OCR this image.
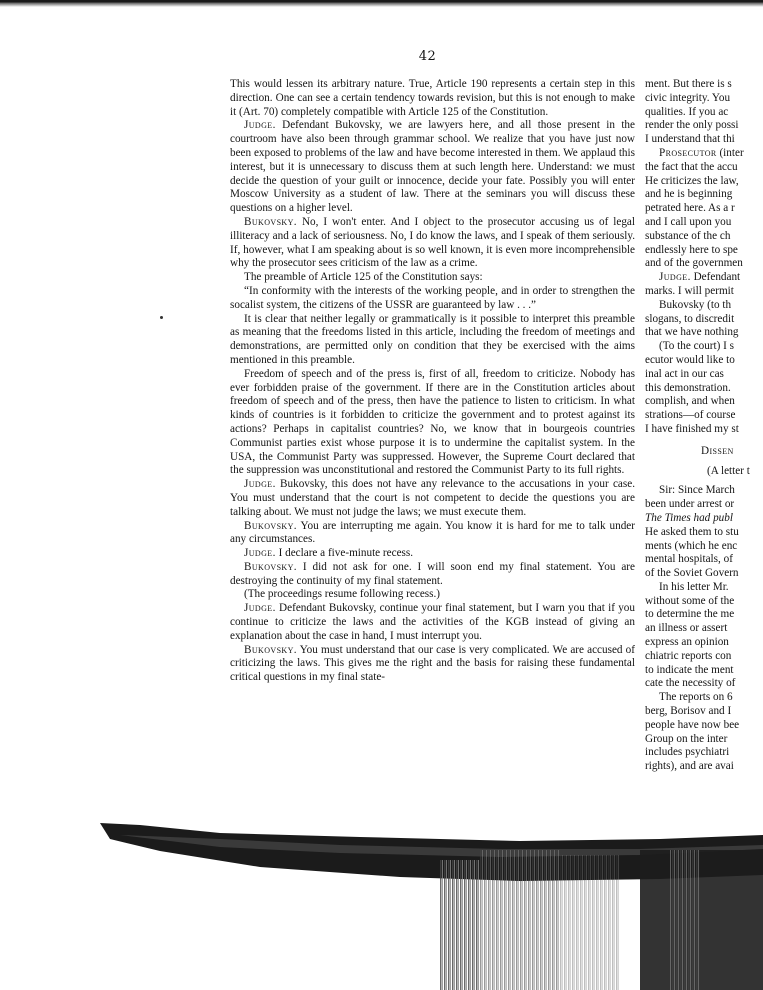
42

This would lessen its arbitrary nature. True, Article 190 represents a certain step in this direction. One can see a certain tendency towards revision, but this is not enough to make it (Art. 70) completely compatible with Article 125 of the Constitution.

Judge. Defendant Bukovsky, we are lawyers here, and all those present in the courtroom have also been through grammar school. We realize that you have just now been exposed to problems of the law and have become interested in them. We applaud this interest, but it is unnecessary to discuss them at such length here. Understand: we must decide the question of your guilt or innocence, decide your fate. Possibly you will enter Moscow University as a student of law. There at the seminars you will discuss these questions on a higher level.

Bukovsky. No, I won't enter. And I object to the prosecutor accusing us of legal illiteracy and a lack of seriousness. No, I do know the laws, and I speak of them seriously. If, however, what I am speaking about is so well known, it is even more incomprehensible why the prosecutor sees criticism of the law as a crime.

The preamble of Article 125 of the Constitution says:

“In conformity with the interests of the working people, and in order to strengthen the socalist system, the citizens of the USSR are guaranteed by law . . .”

It is clear that neither legally or grammatically is it possible to interpret this preamble as meaning that the freedoms listed in this article, including the freedom of meetings and demonstrations, are permitted only on condition that they be exercised with the aims mentioned in this preamble.

Freedom of speech and of the press is, first of all, freedom to criticize. Nobody has ever forbidden praise of the government. If there are in the Constitution articles about freedom of speech and of the press, then have the patience to listen to criticism. In what kinds of countries is it forbidden to criticize the government and to protest against its actions? Perhaps in capitalist countries? No, we know that in bourgeois countries Communist parties exist whose purpose it is to undermine the capitalist system. In the USA, the Communist Party was suppressed. However, the Supreme Court declared that the suppression was unconstitutional and restored the Communist Party to its full rights.

Judge. Bukovsky, this does not have any relevance to the accusations in your case. You must understand that the court is not competent to decide the questions you are talking about. We must not judge the laws; we must execute them.

Bukovsky. You are interrupting me again. You know it is hard for me to talk under any circumstances.

Judge. I declare a five-minute recess.

Bukovsky. I did not ask for one. I will soon end my final statement. You are destroying the continuity of my final statement.

(The proceedings resume following recess.)

Judge. Defendant Bukovsky, continue your final statement, but I warn you that if you continue to criticize the laws and the activities of the KGB instead of giving an explanation about the case in hand, I must interrupt you.

Bukovsky. You must understand that our case is very complicated. We are accused of criticizing the laws. This gives me the right and the basis for raising these fundamental critical questions in my final state-

ment. But there is s
civic integrity. You
qualities. If you ac
render the only possi
I understand that thi
Prosecutor (inter
the fact that the accu
He criticizes the law,
and he is beginning
petrated here. As a r
and I call upon you
substance of the ch
endlessly here to spe
and of the governmen
Judge. Defendant
marks. I will permit
Bukovsky (to th
slogans, to discredit
that we have nothing
(To the court) I s
ecutor would like to
inal act in our cas
this demonstration.
complish, and when
strations—of course
I have finished my st
Dissen
(A letter t
Sir: Since March
been under arrest or
The Times had publ
He asked them to stu
ments (which he enc
mental hospitals, of
of the Soviet Govern
In his letter Mr.
without some of the
to determine the me
an illness or assert
express an opinion
chiatric reports con
to indicate the ment
cate the necessity of
The reports on 6
berg, Borisov and I
people have now bee
Group on the inter
includes psychiatri
rights), and are avai
